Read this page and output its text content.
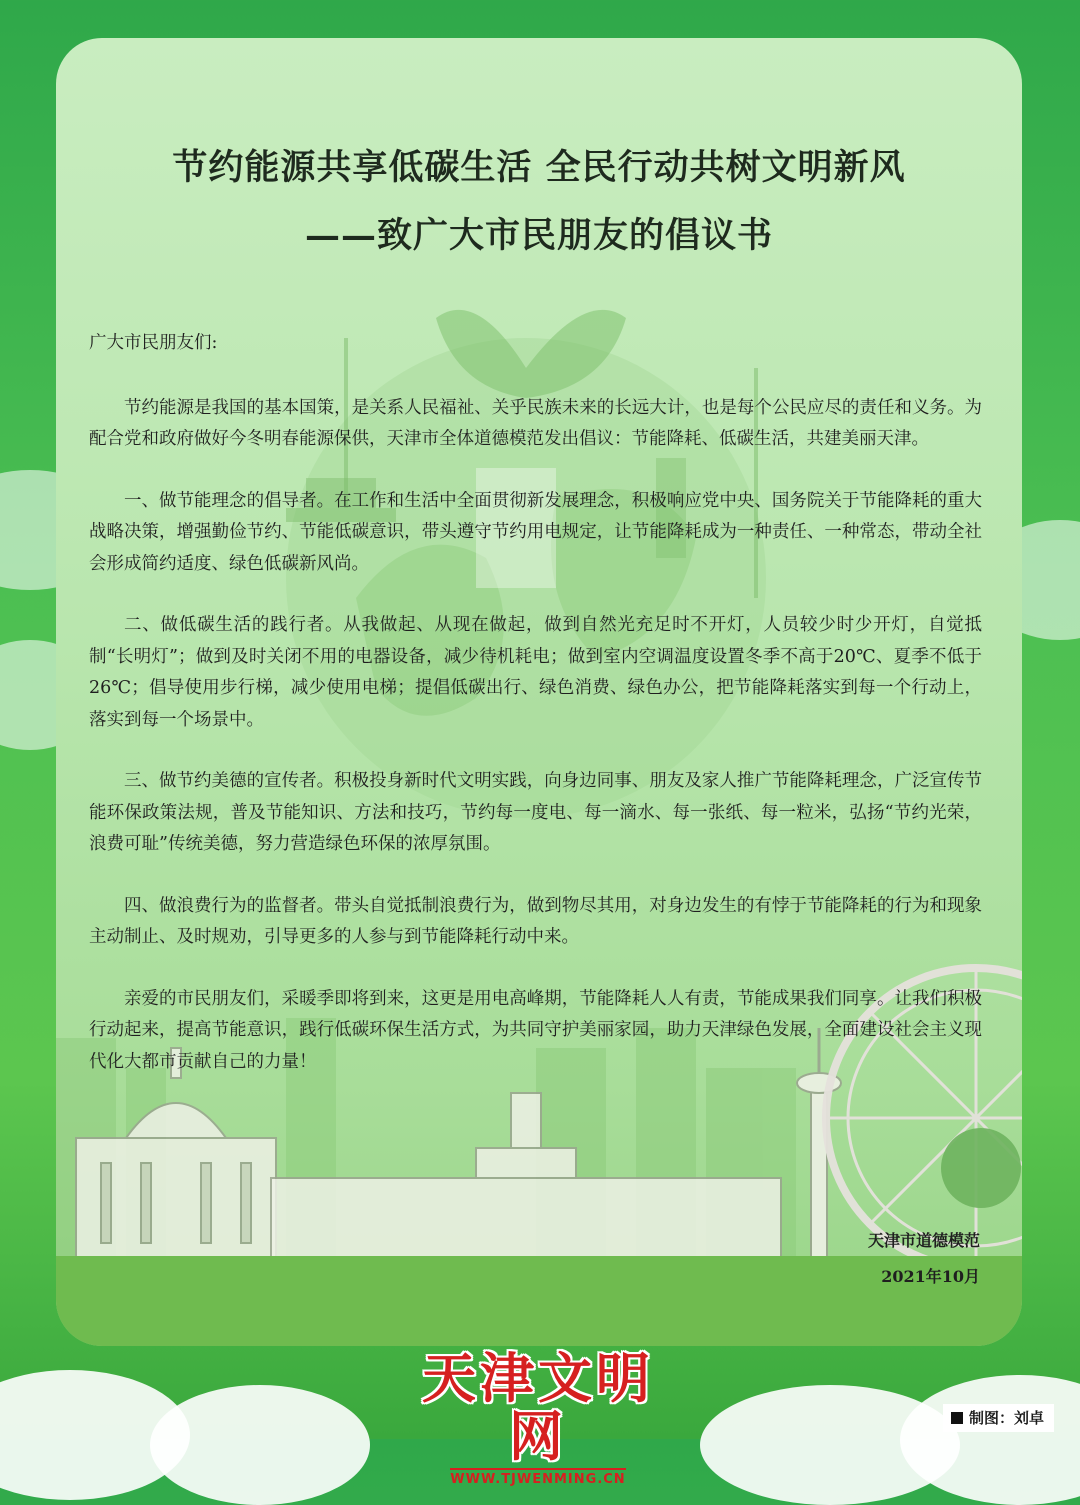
节约能源共享低碳生活 全民行动共树文明新风
——致广大市民朋友的倡议书

广大市民朋友们:

节约能源是我国的基本国策，是关系人民福祉、关乎民族未来的长远大计，也是每个公民应尽的责任和义务。为配合党和政府做好今冬明春能源保供，天津市全体道德模范发出倡议：节能降耗、低碳生活，共建美丽天津。

一、做节能理念的倡导者。在工作和生活中全面贯彻新发展理念，积极响应党中央、国务院关于节能降耗的重大战略决策，增强勤俭节约、节能低碳意识，带头遵守节约用电规定，让节能降耗成为一种责任、一种常态，带动全社会形成简约适度、绿色低碳新风尚。

二、做低碳生活的践行者。从我做起、从现在做起，做到自然光充足时不开灯，人员较少时少开灯，自觉抵制“长明灯”；做到及时关闭不用的电器设备，减少待机耗电；做到室内空调温度设置冬季不高于20℃、夏季不低于26℃；倡导使用步行梯，减少使用电梯；提倡低碳出行、绿色消费、绿色办公，把节能降耗落实到每一个行动上，落实到每一个场景中。

三、做节约美德的宣传者。积极投身新时代文明实践，向身边同事、朋友及家人推广节能降耗理念，广泛宣传节能环保政策法规，普及节能知识、方法和技巧，节约每一度电、每一滴水、每一张纸、每一粒米，弘扬“节约光荣，浪费可耻”传统美德，努力营造绿色环保的浓厚氛围。

四、做浪费行为的监督者。带头自觉抵制浪费行为，做到物尽其用，对身边发生的有悖于节能降耗的行为和现象主动制止、及时规劝，引导更多的人参与到节能降耗行动中来。

亲爱的市民朋友们，采暖季即将到来，这更是用电高峰期，节能降耗人人有责，节能成果我们同享。让我们积极行动起来，提高节能意识，践行低碳环保生活方式，为共同守护美丽家园，助力天津绿色发展，全面建设社会主义现代化大都市贡献自己的力量！

天津市道德模范
2021年10月
天津文明网
WWW.TJWENMING.CN
制图：刘卓
